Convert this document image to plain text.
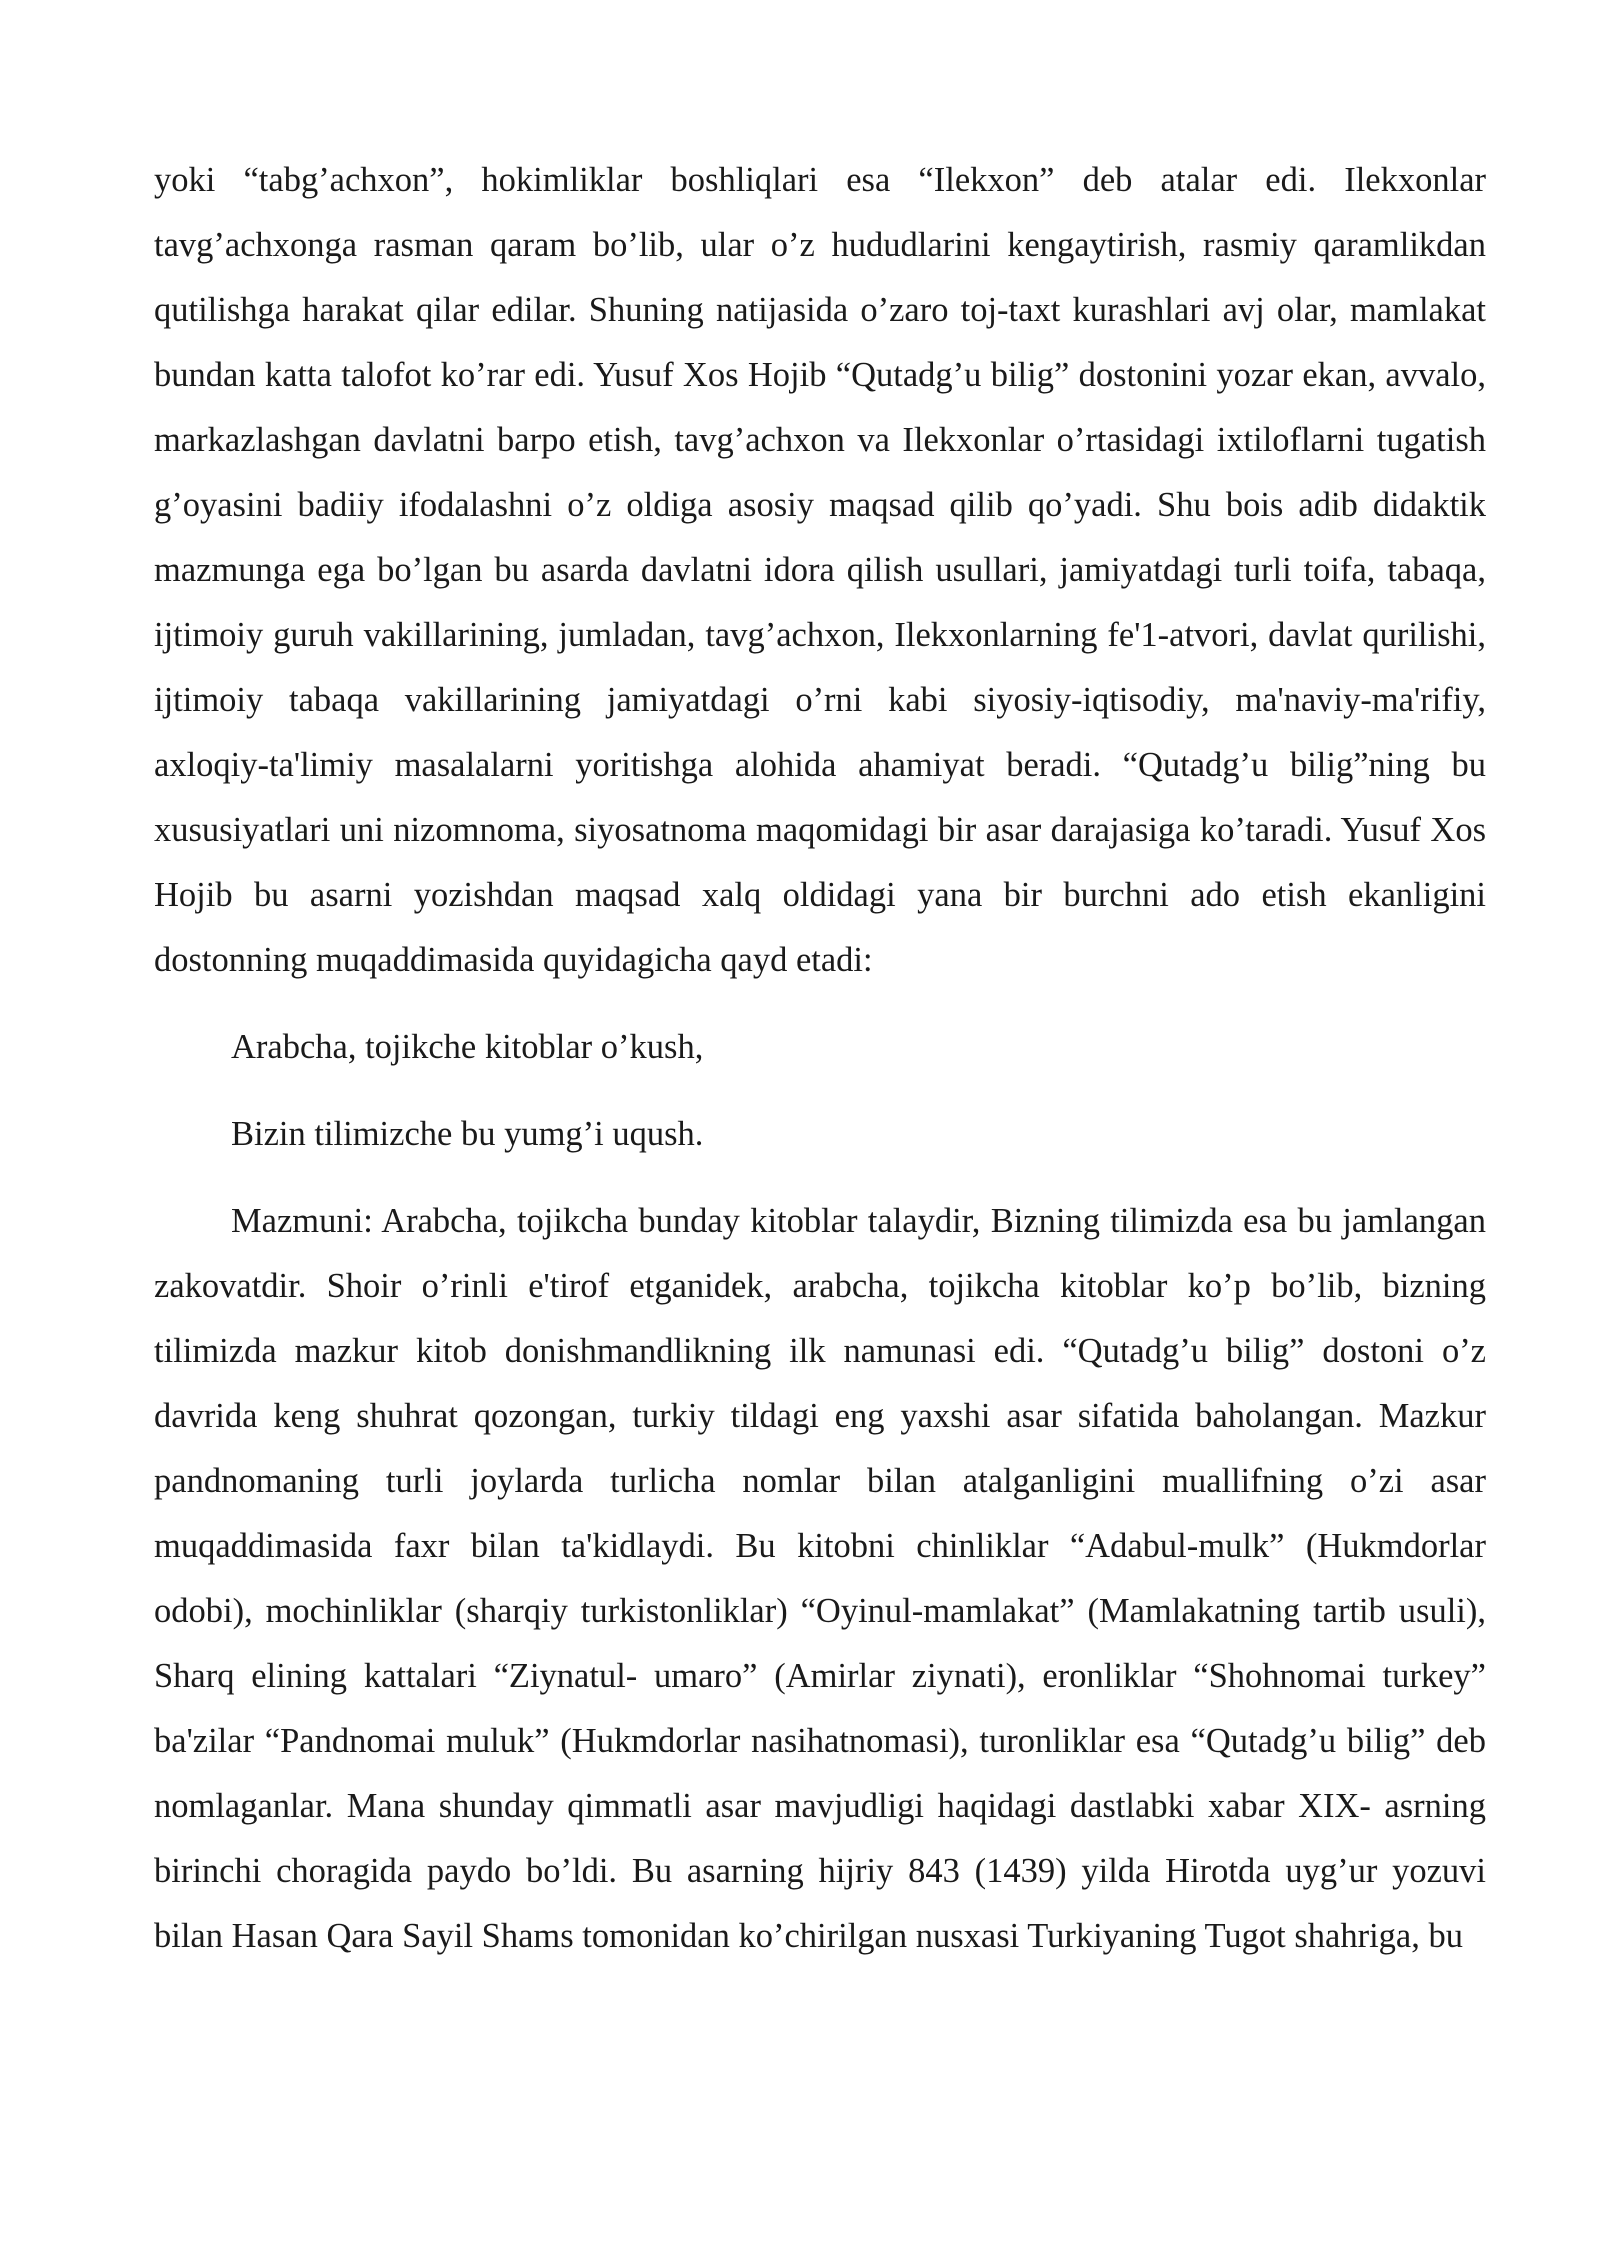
yoki “tabg’achxon”, hokimliklar boshliqlari esa “Ilekxon” deb atalar edi. Ilekxonlar tavg’achxonga rasman qaram bo’lib, ular o’z hududlarini kengaytirish, rasmiy qaramlikdan qutilishga harakat qilar edilar. Shuning natijasida o’zaro toj-taxt kurashlari avj olar, mamlakat bundan katta talofot ko’rar edi. Yusuf Xos Hojib “Qutadg’u bilig” dostonini yozar ekan, avvalo, markazlashgan davlatni barpo etish, tavg’achxon va Ilekxonlar o’rtasidagi ixtiloflarni tugatish g’oyasini badiiy ifodalashni o’z oldiga asosiy maqsad qilib qo’yadi. Shu bois adib didaktik mazmunga ega bo’lgan bu asarda davlatni idora qilish usullari, jamiyatdagi turli toifa, tabaqa, ijtimoiy guruh vakillarining, jumladan, tavg’achxon, Ilekxonlarning fe'1-atvori, davlat qurilishi, ijtimoiy tabaqa vakillarining jamiyatdagi o’rni kabi siyosiy-iqtisodiy, ma'naviy-ma'rifiy, axloqiy-ta'limiy masalalarni yoritishga alohida ahamiyat beradi. “Qutadg’u bilig”ning bu xususiyatlari uni nizomnoma, siyosatnoma maqomidagi bir asar darajasiga ko’taradi. Yusuf Xos Hojib bu asarni yozishdan maqsad xalq oldidagi yana bir burchni ado etish ekanligini dostonning muqaddimasida quyidagicha qayd etadi:

Arabcha, tojikche kitoblar o’kush,

Bizin tilimizche bu yumg’i uqush.

Mazmuni: Arabcha, tojikcha bunday kitoblar talaydir, Bizning tilimizda esa bu jamlangan zakovatdir. Shoir o’rinli e'tirof etganidek, arabcha, tojikcha kitoblar ko’p bo’lib, bizning tilimizda mazkur kitob donishmandlikning ilk namunasi edi. “Qutadg’u bilig” dostoni o’z davrida keng shuhrat qozongan, turkiy tildagi eng yaxshi asar sifatida baholangan. Mazkur pandnomaning turli joylarda turlicha nomlar bilan atalganligini muallifning o’zi asar muqaddimasida faxr bilan ta'kidlaydi. Bu kitobni chinliklar “Adabul-mulk” (Hukmdorlar odobi), mochinliklar (sharqiy turkistonliklar) “Oyinul-mamlakat” (Mamlakatning tartib usuli), Sharq elining kattalari “Ziynatul- umaro” (Amirlar ziynati), eronliklar “Shohnomai turkey” ba'zilar “Pandnomai muluk” (Hukmdorlar nasihatnomasi), turonliklar esa “Qutadg’u bilig” deb nomlaganlar. Mana shunday qimmatli asar mavjudligi haqidagi dastlabki xabar XIX- asrning birinchi choragida paydo bo’ldi. Bu asarning hijriy 843 (1439) yilda Hirotda uyg’ur yozuvi bilan Hasan Qara Sayil Shams tomonidan ko’chirilgan nusxasi Turkiyaning Tugot shahriga, bu
